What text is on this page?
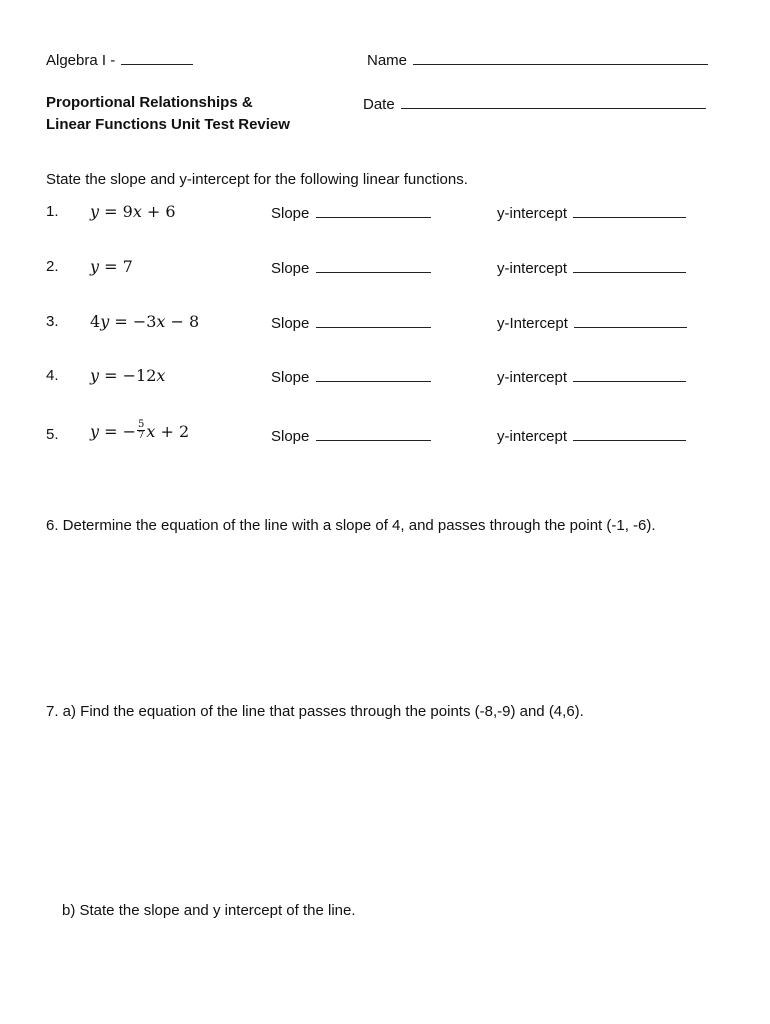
Algebra I -	Name
Proportional Relationships &
Linear Functions Unit Test Review
Date
State the slope and y-intercept for the following linear functions.
1. y = 9x + 6	Slope	y-intercept
2. y = 7	Slope	y-intercept
3. 4y = −3x − 8	Slope	y-Intercept
4. y = −12x	Slope	y-intercept
5. y = − $\frac{5}{7}$ x + 2	Slope	y-intercept
6. Determine the equation of the line with a slope of 4, and passes through the point (-1, -6).
7. a) Find the equation of the line that passes through the points (-8,-9) and (4,6).
b) State the slope and y intercept of the line.
